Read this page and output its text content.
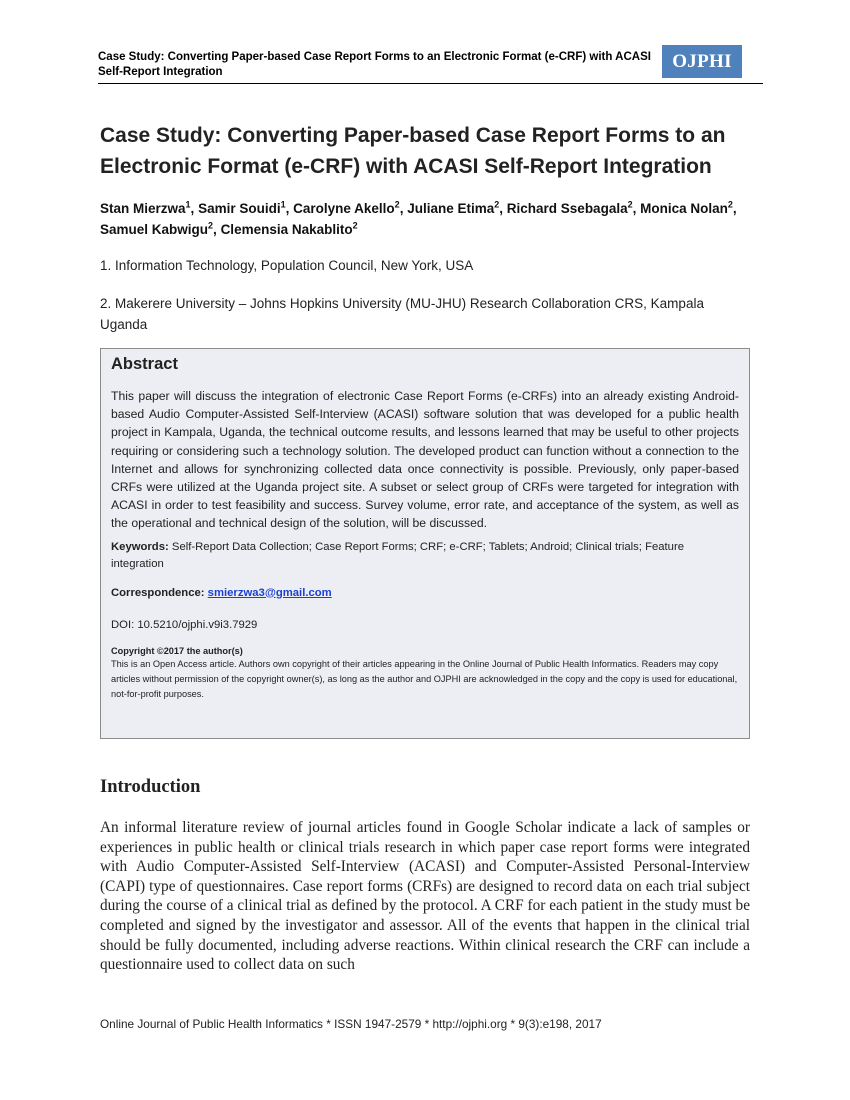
Case Study: Converting Paper-based Case Report Forms to an Electronic Format (e-CRF) with ACASI Self-Report Integration
OJPHI
Case Study: Converting Paper-based Case Report Forms to an Electronic Format (e-CRF) with ACASI Self-Report Integration
Stan Mierzwa$^1$, Samir Souidi$^1$, Carolyne Akello$^2$, Juliane Etima$^2$, Richard Ssebagala$^2$, Monica Nolan$^2$, Samuel Kabwigu$^2$, Clemensia Nakablito$^2$
1. Information Technology, Population Council, New York, USA
2. Makerere University – Johns Hopkins University (MU-JHU) Research Collaboration CRS, Kampala Uganda
Abstract

This paper will discuss the integration of electronic Case Report Forms (e-CRFs) into an already existing Android-based Audio Computer-Assisted Self-Interview (ACASI) software solution that was developed for a public health project in Kampala, Uganda, the technical outcome results, and lessons learned that may be useful to other projects requiring or considering such a technology solution. The developed product can function without a connection to the Internet and allows for synchronizing collected data once connectivity is possible. Previously, only paper-based CRFs were utilized at the Uganda project site. A subset or select group of CRFs were targeted for integration with ACASI in order to test feasibility and success. Survey volume, error rate, and acceptance of the system, as well as the operational and technical design of the solution, will be discussed.

Keywords: Self-Report Data Collection; Case Report Forms; CRF; e-CRF; Tablets; Android; Clinical trials; Feature integration

Correspondence: smierzwa3@gmail.com

DOI: 10.5210/ojphi.v9i3.7929

Copyright ©2017 the author(s)

This is an Open Access article. Authors own copyright of their articles appearing in the Online Journal of Public Health Informatics. Readers may copy articles without permission of the copyright owner(s), as long as the author and OJPHI are acknowledged in the copy and the copy is used for educational, not-for-profit purposes.

Introduction

An informal literature review of journal articles found in Google Scholar indicate a lack of samples or experiences in public health or clinical trials research in which paper case report forms were integrated with Audio Computer-Assisted Self-Interview (ACASI) and Computer-Assisted Personal-Interview (CAPI) type of questionnaires. Case report forms (CRFs) are designed to record data on each trial subject during the course of a clinical trial as defined by the protocol. A CRF for each patient in the study must be completed and signed by the investigator and assessor. All of the events that happen in the clinical trial should be fully documented, including adverse reactions. Within clinical research the CRF can include a questionnaire used to collect data on such

Online Journal of Public Health Informatics * ISSN 1947-2579 * http://ojphi.org * 9(3):e198, 2017
